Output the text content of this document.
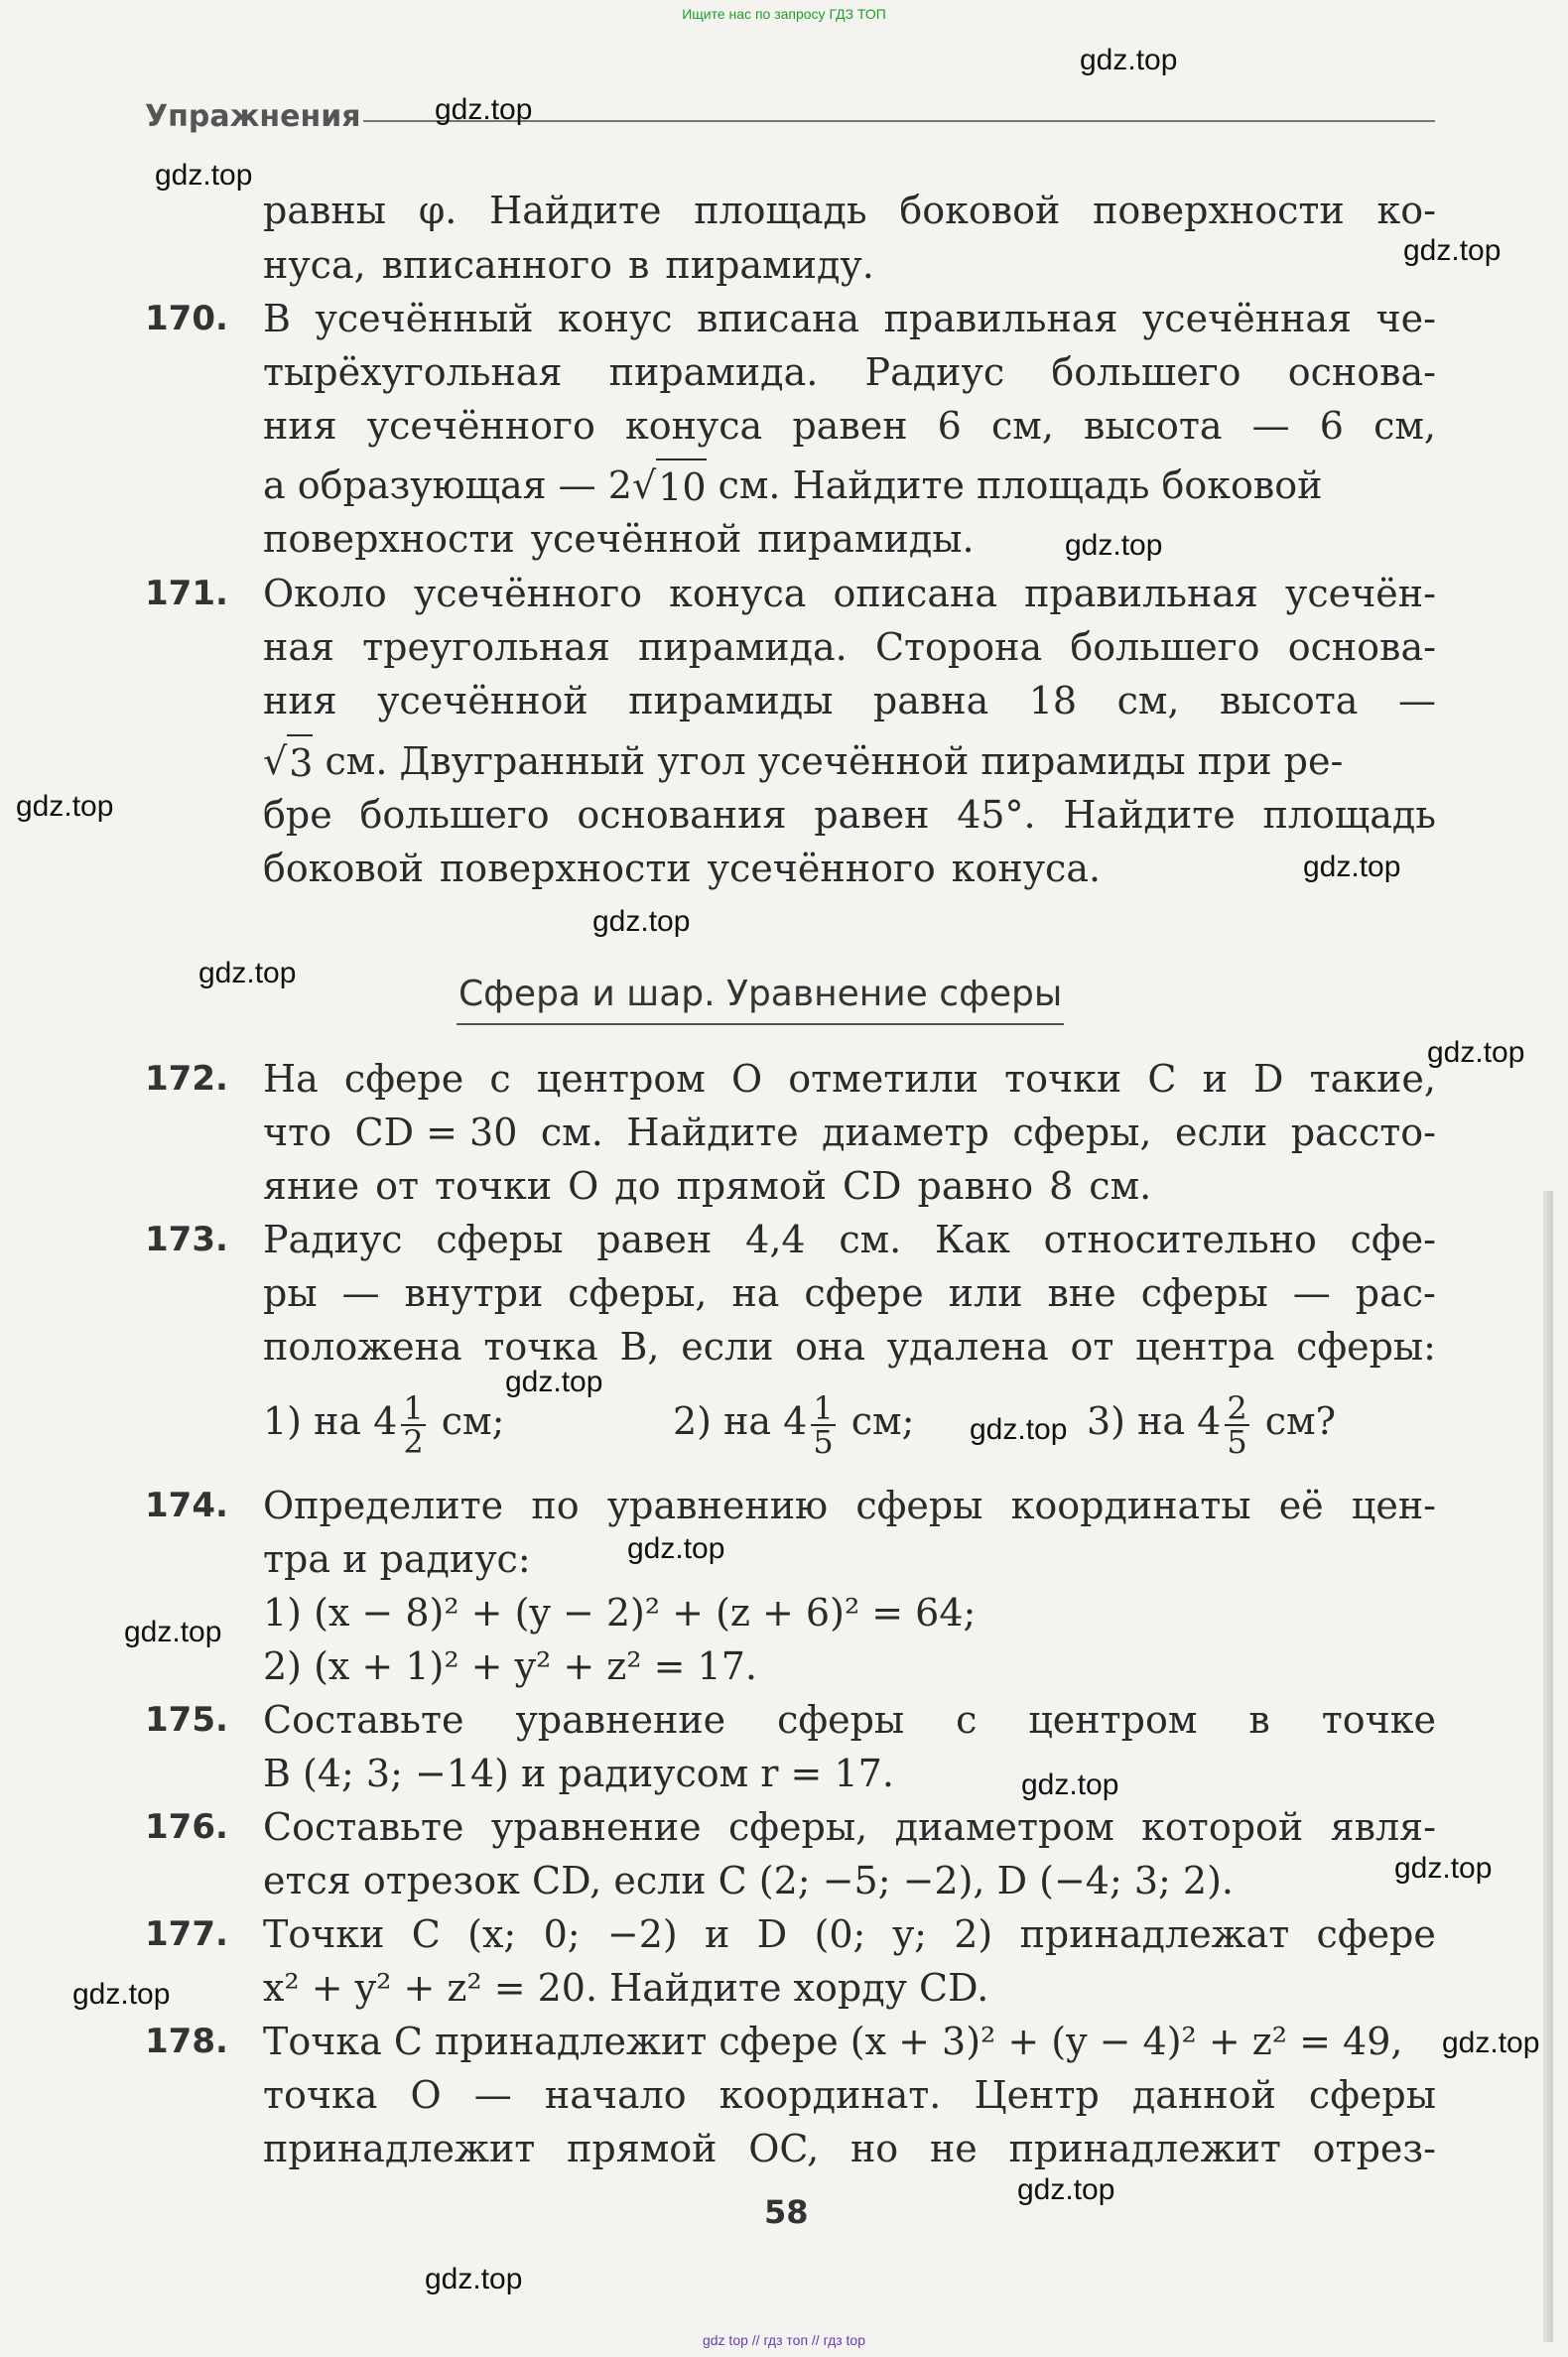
Ищите нас по запросу ГДЗ ТОП
Упражнения
равны φ. Найдите площадь боковой поверхности ко-
нуса, вписанного в пирамиду.
170. В усечённый конус вписана правильная усечённая че-
тырёхугольная пирамида. Радиус большего основа-
ния усечённого конуса равен 6 см, высота — 6 см,
а образующая — 2 √ 10 см. Найдите площадь боковой
поверхности усечённой пирамиды.
171. Около усечённого конуса описана правильная усечён-
ная треугольная пирамида. Сторона большего основа-
ния усечённой пирамиды равна 18 см, высота —
√ 3 см. Двугранный угол усечённой пирамиды при ре-
бре большего основания равен 45°. Найдите площадь
боковой поверхности усечённого конуса.
Сфера и шар. Уравнение сферы
172. На сфере с центром O отметили точки C и D такие,
что CD = 30 см. Найдите диаметр сферы, если рассто-
яние от точки O до прямой CD равно 8 см.
173. Радиус сферы равен 4,4 см. Как относительно сфе-
ры — внутри сферы, на сфере или вне сферы — рас-
положена точка B, если она удалена от центра сферы:
1) на $4 \frac{1}{2}$ см;	2) на $4 \frac{1}{5}$ см;	3) на $4 \frac{2}{5}$ см?
174. Определите по уравнению сферы координаты её цен-
тра и радиус:
1) (x − 8)² + (y − 2)² + (z + 6)² = 64;
2) (x + 1)² + y² + z² = 17.
175. Составьте уравнение сферы с центром в точке
B (4; 3; −14) и радиусом r = 17.
176. Составьте уравнение сферы, диаметром которой явля-
ется отрезок CD, если C (2; −5; −2), D (−4; 3; 2).
177. Точки C (x; 0; −2) и D (0; y; 2) принадлежат сфере
x² + y² + z² = 20. Найдите хорду CD.
178. Точка C принадлежит сфере (x + 3)² + (y − 4)² + z² = 49,
точка O — начало координат. Центр данной сферы
принадлежит прямой OC, но не принадлежит отрез-
58
gdz.top
gdz.top
gdz.top
gdz.top
gdz.top
gdz.top
gdz.top
gdz.top
gdz.top
gdz.top
gdz.top
gdz.top
gdz.top
gdz.top
gdz.top
gdz.top
gdz.top
gdz.top
gdz.top
gdz.top
gdz top // гдз топ // гдз top
